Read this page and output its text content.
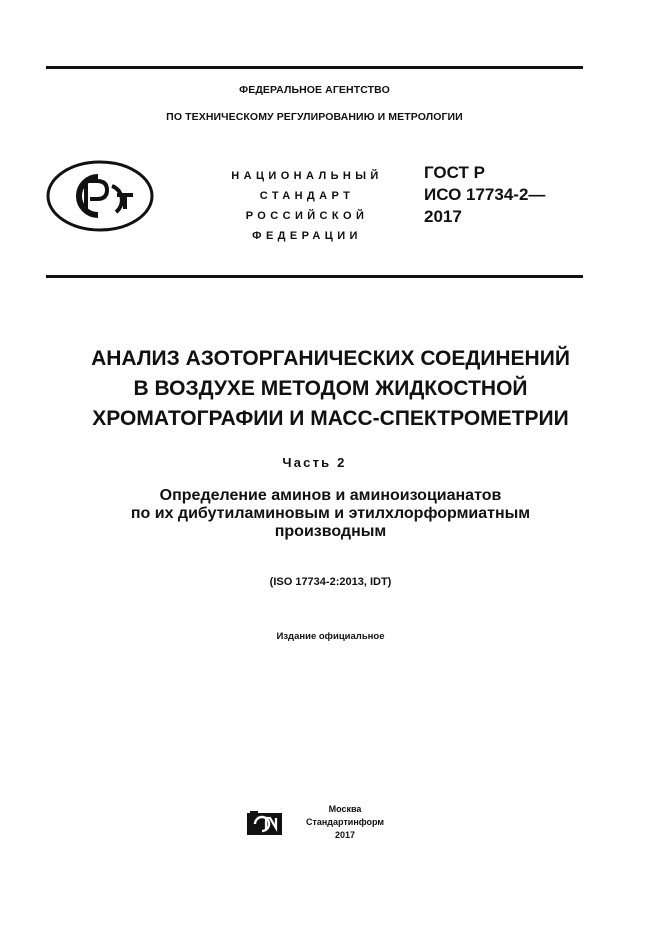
ФЕДЕРАЛЬНОЕ АГЕНТСТВО
ПО ТЕХНИЧЕСКОМУ РЕГУЛИРОВАНИЮ И МЕТРОЛОГИИ
РСТ
НАЦИОНАЛЬНЫЙ
СТАНДАРТ
РОССИЙСКОЙ
ФЕДЕРАЦИИ
ГОСТ Р
ИСО 17734-2—
2017
АНАЛИЗ АЗОТОРГАНИЧЕСКИХ СОЕДИНЕНИЙ
В ВОЗДУХЕ МЕТОДОМ ЖИДКОСТНОЙ
ХРОМАТОГРАФИИ И МАСС-СПЕКТРОМЕТРИИ
Часть 2
Определение аминов и аминоизоцианатов
по их дибутиламиновым и этилхлорформиатным
производным
(ISO 17734-2:2013, IDT)
Издание официальное
Москва
Стандартинформ
2017
